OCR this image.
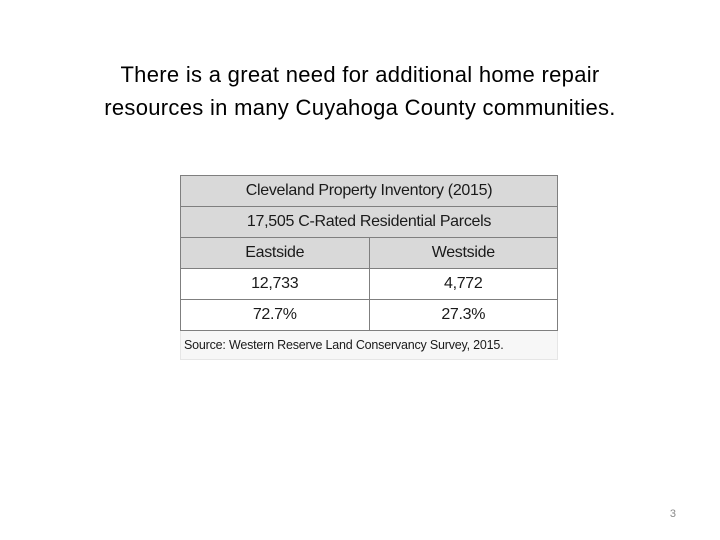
There is a great need for additional home repair
resources in many Cuyahoga County communities.
Cleveland Property Inventory (2015)	
17,505 C-Rated Residential Parcels	
Eastside	Westside
12,733	4,772
72.7%	27.3%
Source: Western Reserve Land Conservancy Survey, 2015.
3
